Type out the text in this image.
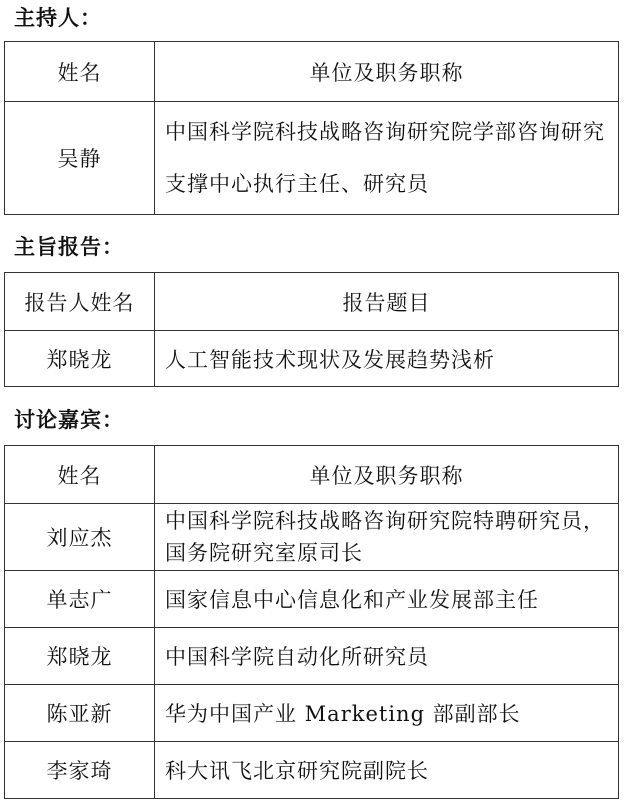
主持人：
姓名	单位及职务职称
吴静	中国科学院科技战略咨询研究院学部咨询研究支撑中心执行主任、研究员
主旨报告：
报告人姓名	报告题目
郑晓龙	人工智能技术现状及发展趋势浅析
讨论嘉宾：
姓名	单位及职务职称
刘应杰	中国科学院科技战略咨询研究院特聘研究员，国务院研究室原司长
单志广	国家信息中心信息化和产业发展部主任
郑晓龙	中国科学院自动化所研究员
陈亚新	华为中国产业 Marketing 部副部长
李家琦	科大讯飞北京研究院副院长
